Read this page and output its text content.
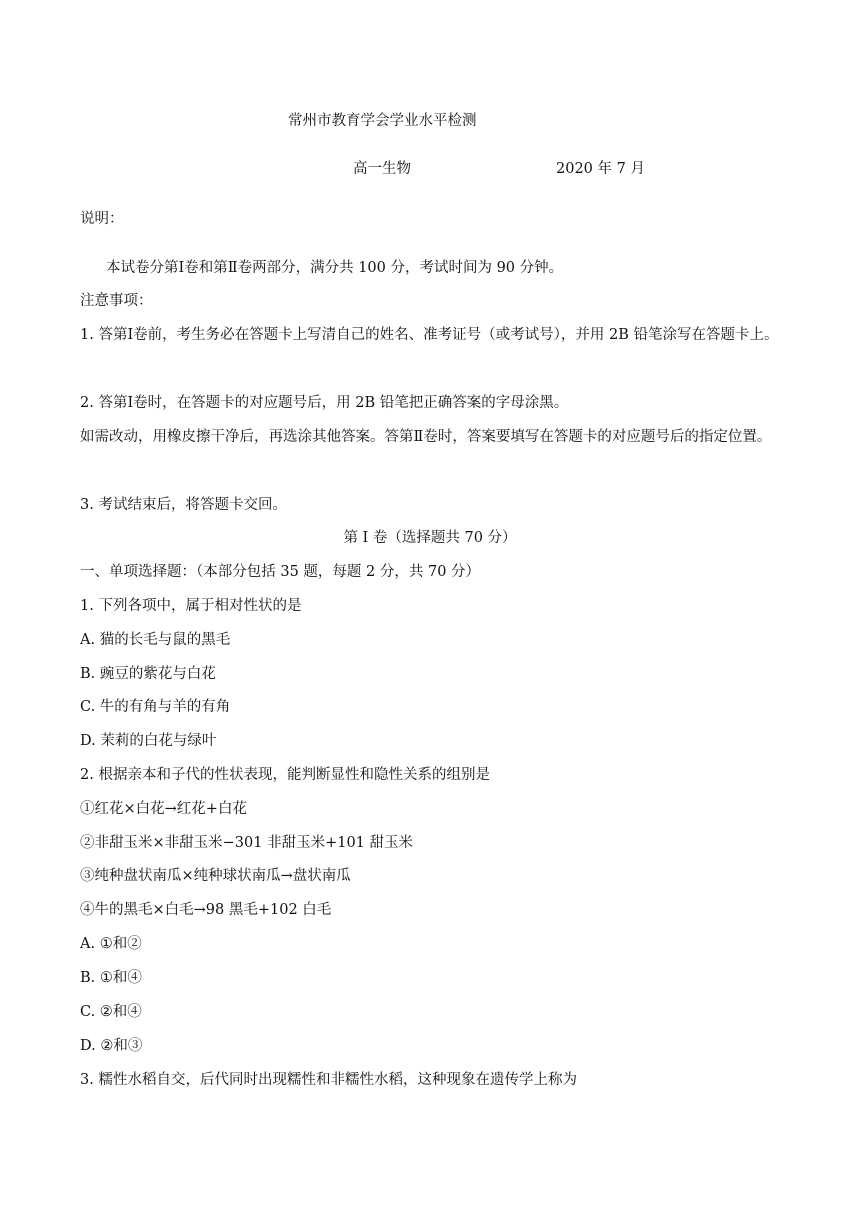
常州市教育学会学业水平检测
高一生物	2020 年 7 月
说明：
本试卷分第Ⅰ卷和第Ⅱ卷两部分，满分共 100 分，考试时间为 90 分钟。
注意事项：
1. 答第Ⅰ卷前，考生务必在答题卡上写清自己的姓名、准考证号（或考试号），并用 2B 铅笔涂写在答题卡上。
2. 答第Ⅰ卷时，在答题卡的对应题号后，用 2B 铅笔把正确答案的字母涂黑。
如需改动，用橡皮擦干净后，再选涂其他答案。答第Ⅱ卷时，答案要填写在答题卡的对应题号后的指定位置。
3. 考试结束后，将答题卡交回。
第 I 卷（选择题共 70 分）
一、单项选择题：（本部分包括 35 题，每题 2 分，共 70 分）
1. 下列各项中，属于相对性状的是
A. 猫的长毛与鼠的黑毛
B. 豌豆的紫花与白花
C. 牛的有角与羊的有角
D. 茉莉的白花与绿叶
2. 根据亲本和子代的性状表现，能判断显性和隐性关系的组别是
①红花×白花→红花+白花
②非甜玉米×非甜玉米−301 非甜玉米+101 甜玉米
③纯种盘状南瓜×纯种球状南瓜→盘状南瓜
④牛的黑毛×白毛→98 黑毛+102 白毛
A. ①和②
B. ①和④
C. ②和④
D. ②和③
3. 糯性水稻自交，后代同时出现糯性和非糯性水稻，这种现象在遗传学上称为
